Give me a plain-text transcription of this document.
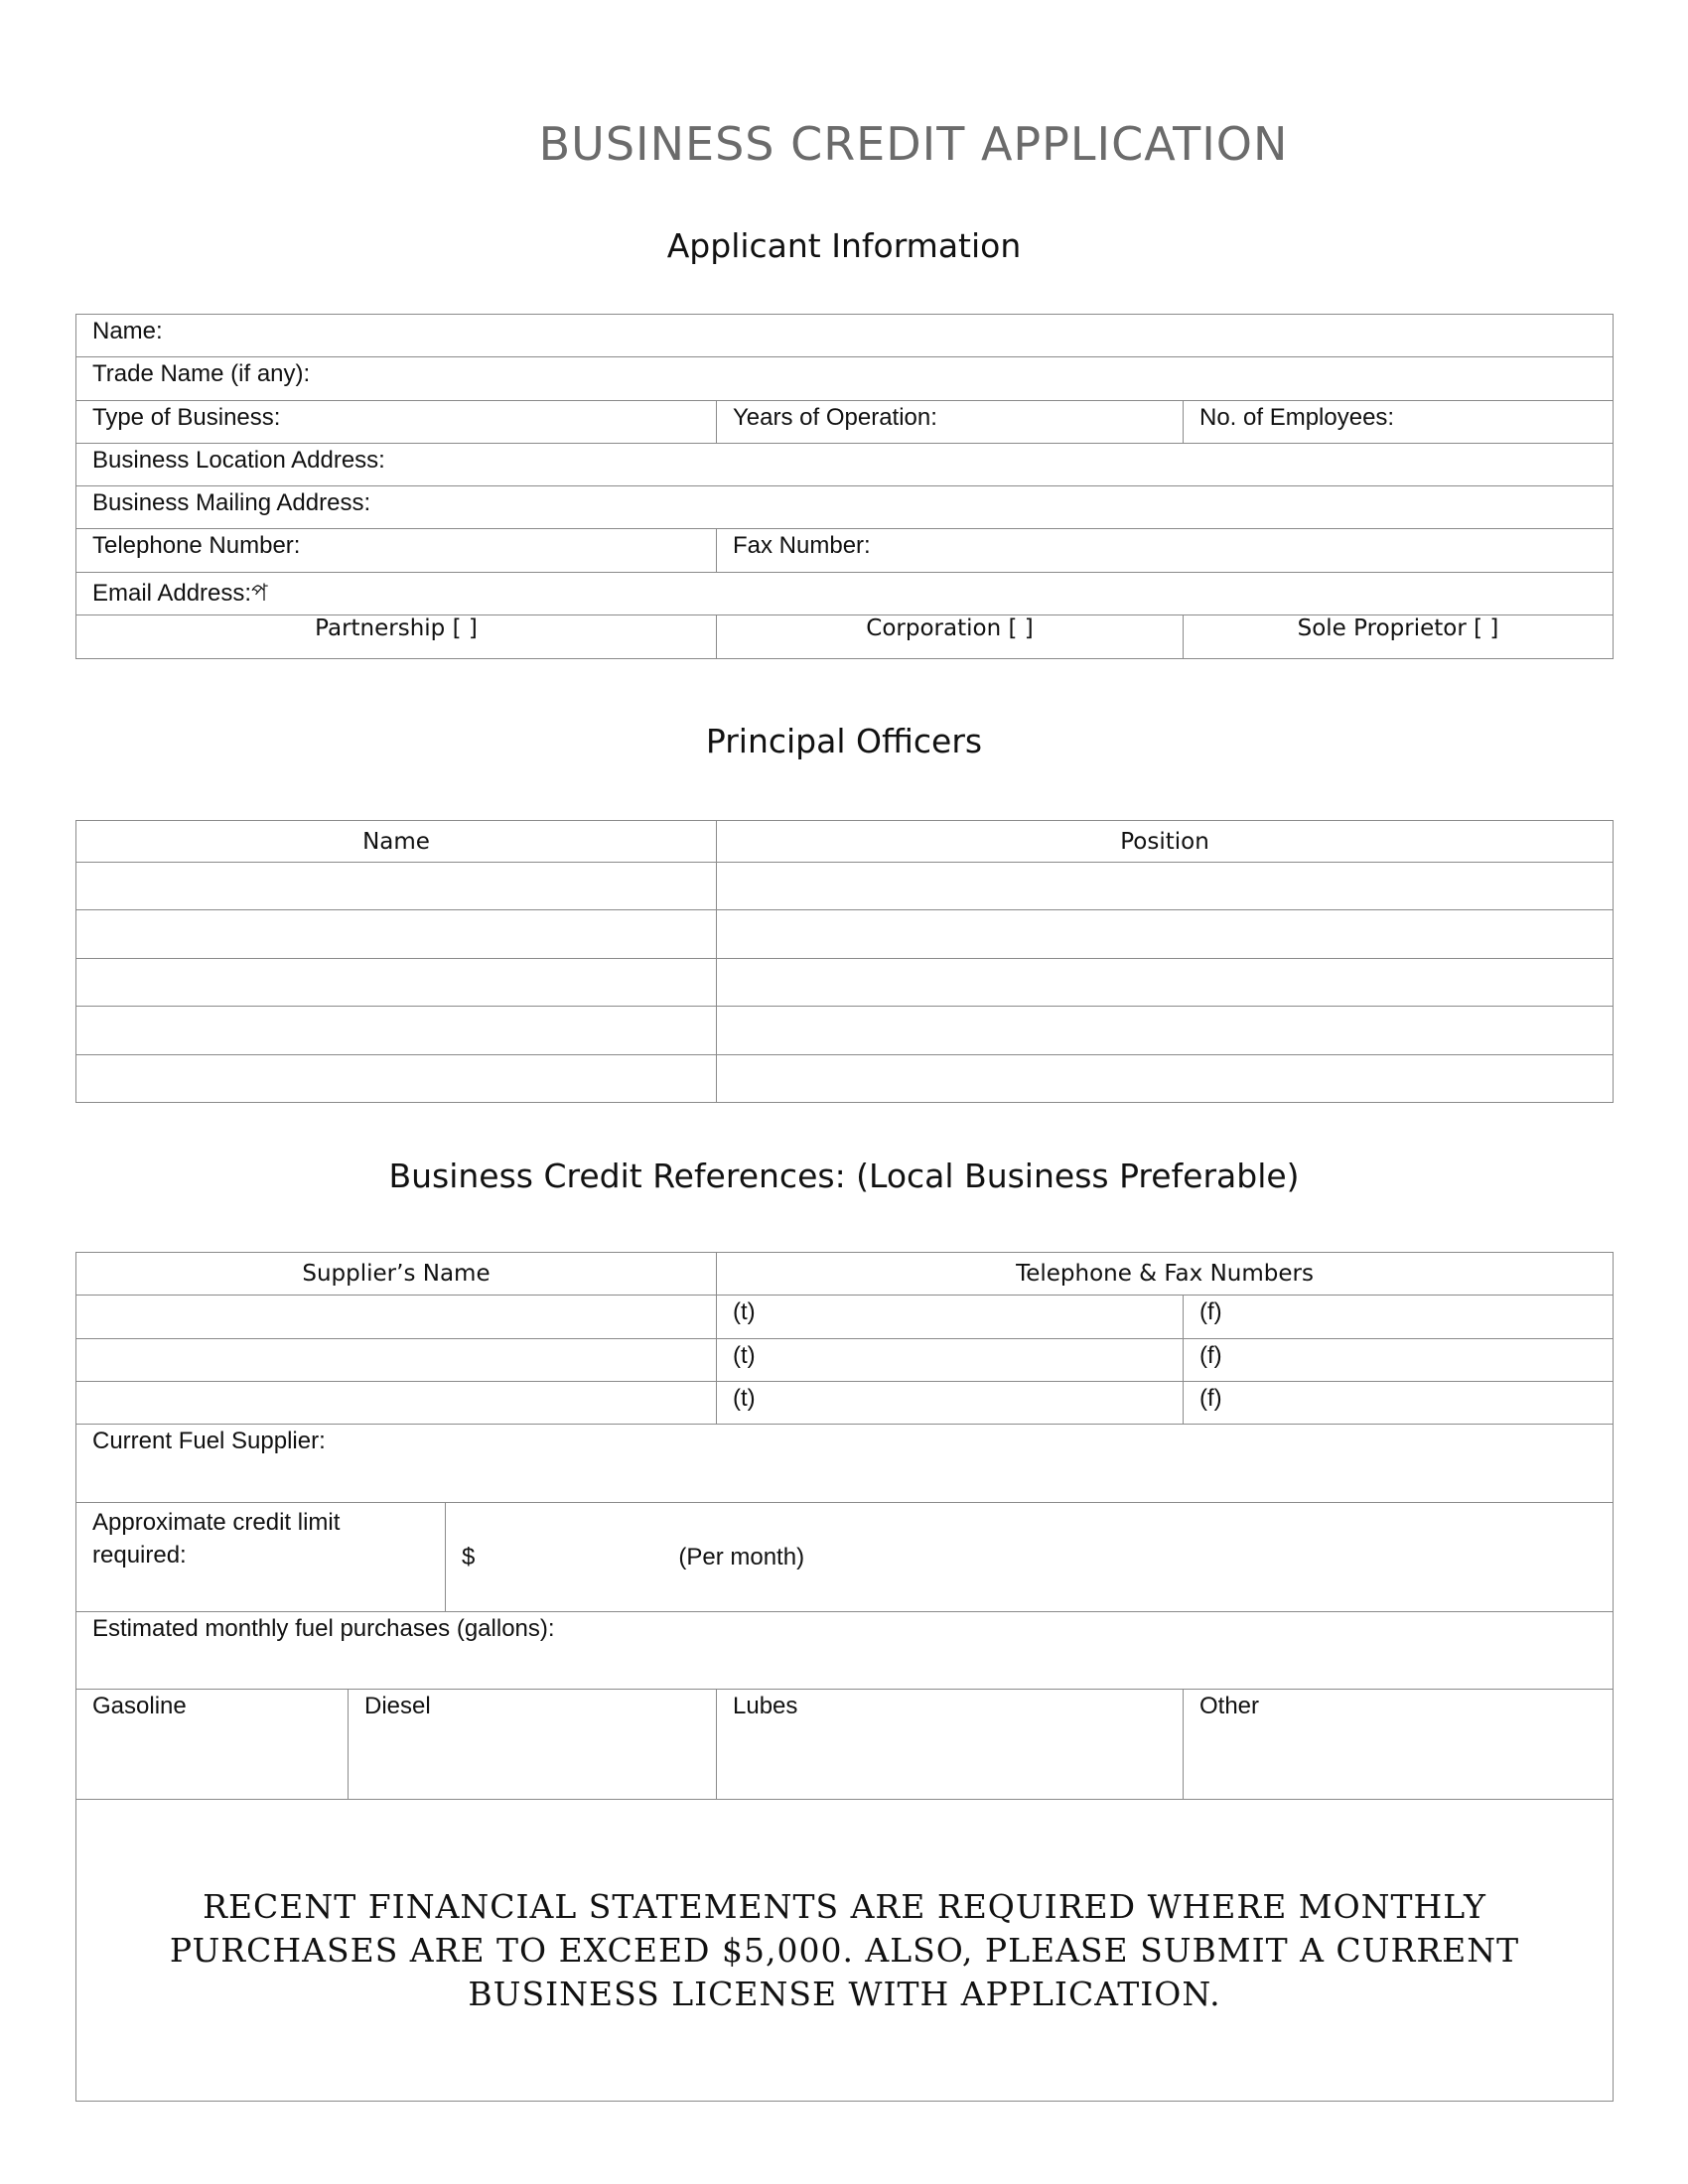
BUSINESS CREDIT APPLICATION
Applicant Information
Name:		
Trade Name (if any):		
Type of Business:	Years of Operation:	No. of Employees:
Business Location Address:		
Business Mailing Address:		
Telephone Number:	Fax Number:	
Email Address:প		
Partnership [ ]	Corporation [ ]	Sole Proprietor [ ]
Principal Officers
Name	Position

Business Credit References: (Local Business Preferable)
Supplier’s Name			Telephone & Fax Numbers	
			(t)	(f)
			(t)	(f)
			(t)	(f)
Current Fuel Supplier:				
Approximate credit limit required:		$ (Per month)		
Estimated monthly fuel purchases (gallons):				
Gasoline	Diesel		Lubes	Other
RECENT FINANCIAL STATEMENTS ARE REQUIRED WHERE MONTHLY PURCHASES ARE TO EXCEED $5,000. ALSO, PLEASE SUBMIT A CURRENT BUSINESS LICENSE WITH APPLICATION.				
